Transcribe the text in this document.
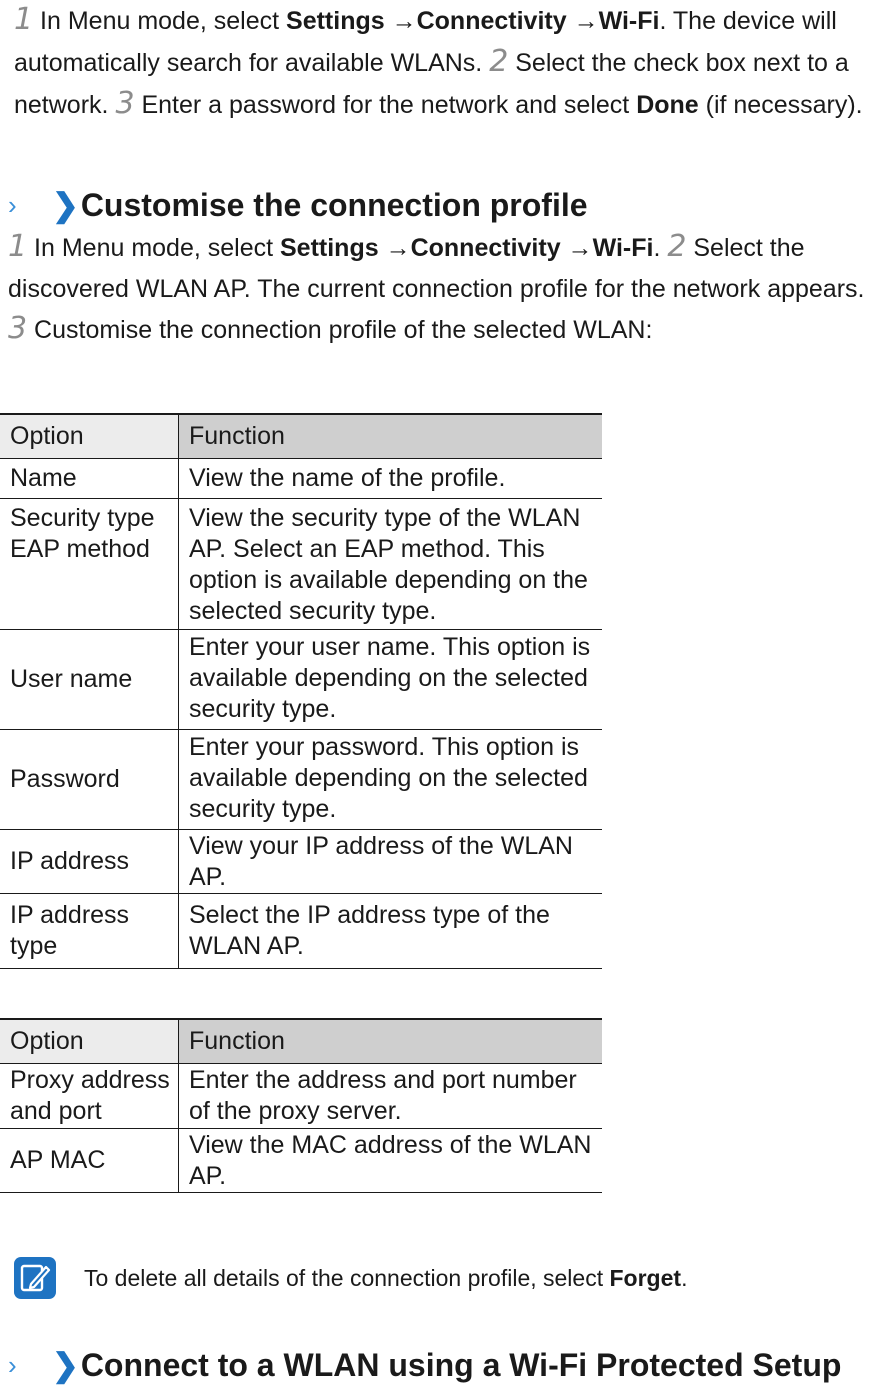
1 In Menu mode, select Settings →Connectivity →Wi-Fi. The device will automatically search for available WLANs. 2 Select the check box next to a network. 3 Enter a password for the network and select Done (if necessary).
›	❯ Customise the connection profile
1 In Menu mode, select Settings →Connectivity →Wi-Fi. 2 Select the discovered WLAN AP. The current connection profile for the network appears. 3 Customise the connection profile of the selected WLAN:
Option	Function
Name	View the name of the profile.
Security type EAP method	View the security type of the WLAN AP. Select an EAP method. This option is available depending on the selected security type.
User name	Enter your user name. This option is available depending on the selected security type.
Password	Enter your password. This option is available depending on the selected security type.
IP address	View your IP address of the WLAN AP.
IP address type	Select the IP address type of the WLAN AP.
Option	Function
Proxy address and port	Enter the address and port number of the proxy server.
AP MAC	View the MAC address of the WLAN AP.
To delete all details of the connection profile, select Forget.
›	❯ Connect to a WLAN using a Wi-Fi Protected Setup
